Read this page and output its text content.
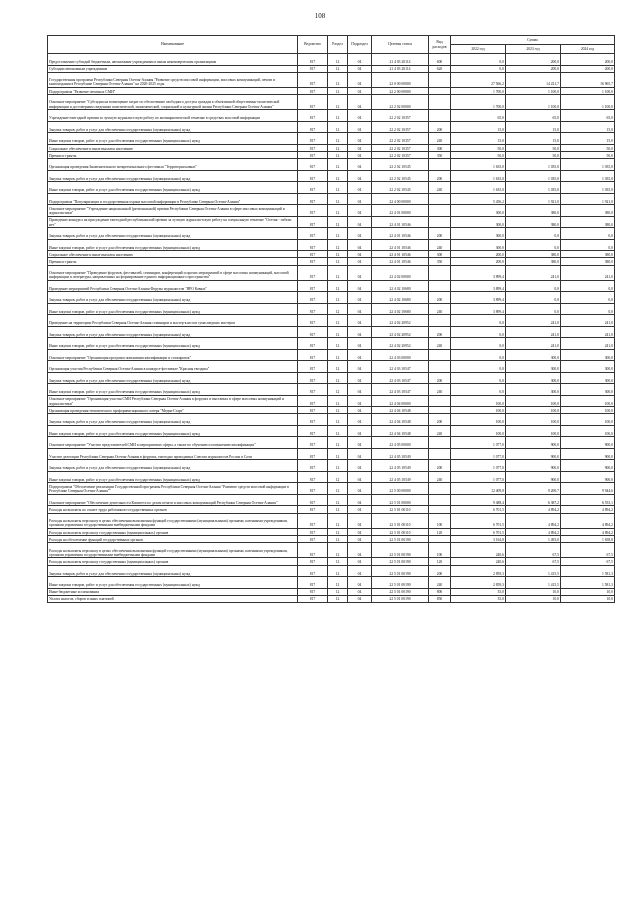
108
Наименование	Ведомство	Раздел	Подраздел	Целевая статья	Вид расходов	Сумма		
						2022 год	2023 год	2024 год
Предоставление субсидий бюджетным, автономным учреждениям и иным некоммерческим организациям	817	12	04	21 4 03 20114	600	0,0	200,0	200,0
Субсидии автономным учреждениям	817	12	04	21 4 03 20114	620	0,0	200,0	200,0
Государственная программа Республики Северная Осетия-Алания "Развитие средств массовой информации, массовых коммуникаций, печати и книгоиздания в Республике Северная Осетия-Алания" на 2020-2025 годы	817	12	04	22 0 00 00000		27 566,2	14 221,7	16 965,7
Подпрограмма "Развитие печатных СМИ"	817	12	04	22 2 00 00000		1 700,0	1 100,0	1 100,0
Основное мероприятие "Субсидии на возмещение затрат по обеспечению свободного доступа граждан к объективной общественно-политической информации и достоверным сведениям политической, экономической, социальной и культурной жизни Республики Северная Осетия-Алания"	817	12	04	22 2 02 00000		1 700,0	1 100,0	1 100,0
Учреждение ежегодной премии за лучшую журналистскую работу по антинаркотической тематике в средствах массовой информации	817	12	04	22 2 02 10357		65,0	65,0	65,0
Закупка товаров, работ и услуг для обеспечения государственных (муниципальных) нужд	817	12	04	22 2 02 10357	200	15,0	15,0	15,0
Иные закупки товаров, работ и услуг для обеспечения государственных (муниципальных) нужд	817	12	04	22 2 02 10357	240	15,0	15,0	15,0
Социальное обеспечение и иные выплаты населению	817	12	04	22 2 02 10357	300	50,0	50,0	50,0
Премии и гранты	817	12	04	22 2 02 10357	350	50,0	50,0	50,0
Организация проведения Знаменательного межрегионального фестиваля "Территория кавказ"	817	12	04	22 2 02 10545		1 635,0	1 035,0	1 035,0
Закупка товаров, работ и услуг для обеспечения государственных (муниципальных) нужд	817	12	04	22 2 02 10545	200	1 635,0	1 035,0	1 035,0
Иные закупки товаров, работ и услуг для обеспечения государственных (муниципальных) нужд	817	12	04	22 2 02 10545	240	1 635,0	1 035,0	1 035,0
Подпрограмма "Популяризация и государственная охрана массовой информации в Республике Северная Осетия-Алания"	817	12	04	22 4 00 00000		5 456,2	1 921,0	1 921,0
Основное мероприятие "Учреждение национальной (региональной) премии Республики Северная Осетия-Алания в сфере массовых коммуникаций и журналистики"	817	12	04	22 4 01 00000		300,0	380,0	380,0
Проведение конкурса на присуждение ежегодной республиканской премии за лучшую журналистскую работу на специальную тематике "Осетия - гибели нет"	817	12	04	22 4 01 10546		300,0	380,0	380,0
Закупка товаров, работ и услуг для обеспечения государственных (муниципальных) нужд	817	12	04	22 4 01 10546	200	300,0	0,0	0,0
Иные закупки товаров, работ и услуг для обеспечения государственных (муниципальных) нужд	817	12	04	22 4 01 10546	240	300,0	0,0	0,0
Социальное обеспечение и иные выплаты населению	817	12	04	22 4 01 10546	300	200,0	380,0	380,0
Премии и гранты	817	12	04	22 4 01 10546	350	200,0	380,0	380,0
Основное мероприятие "Проведение форумов, фестивалей, семинаров, конференций и прочих мероприятий в сфере массовых коммуникаций, массовой информации и литературы, направленных на формирование единого информационного пространства"	817	12	04	22 4 02 00000		3 899,4	241,0	241,0
Проведение мероприятий Республики Северная Осетия-Алания Форума журналистов "ЯРО Кавказ"	817	12	04	22 4 02 10680		3 899,4	0,0	0,0
Закупка товаров, работ и услуг для обеспечения государственных (муниципальных) нужд	817	12	04	22 4 02 10680	200	3 899,4	0,0	0,0
Иные закупки товаров, работ и услуг для обеспечения государственных (муниципальных) нужд	817	12	04	22 4 02 10680	240	3 899,4	0,0	0,0
Проведение на территории Республики Северная Осетия-Алания семинаров и мастер-классов сумасшедших мастеров	817	12	04	22 4 02 20952		0,0	241,0	241,0
Закупка товаров, работ и услуг для обеспечения государственных (муниципальных) нужд	817	12	04	22 4 02 20952	200	0,0	241,0	241,0
Иные закупки товаров, работ и услуг для обеспечения государственных (муниципальных) нужд	817	12	04	22 4 02 20952	240	0,0	241,0	241,0
Основное мероприятие "Организация программ повышения квалификации и стажировок"	817	12	04	22 4 03 00000		0,0	300,0	300,0
Организация участия Республики Северная Осетия-Алания в конкурсе-фестивале "Красная гвоздика"	817	12	04	22 4 03 10547		0,0	300,0	300,0
Закупка товаров, работ и услуг для обеспечения государственных (муниципальных) нужд	817	12	04	22 4 03 10547	200	0,0	300,0	300,0
Иные закупки товаров, работ и услуг для обеспечения государственных (муниципальных) нужд	817	12	04	22 4 03 10547	240	0,0	300,0	300,0
Основное мероприятие "Организация участия СМИ Республики Северная Осетия-Алания в форумах и выставках в сфере массовых коммуникаций и журналистики"	817	12	04	22 4 04 00000		100,0	100,0	100,0
Организация проведения тематического профориентационного лагеря "Медиа-Старт"	817	12	04	22 4 04 10548		100,0	100,0	100,0
Закупка товаров, работ и услуг для обеспечения государственных (муниципальных) нужд	817	12	04	22 4 04 10548	200	100,0	100,0	100,0
Иные закупки товаров, работ и услуг для обеспечения государственных (муниципальных) нужд	817	12	04	22 4 04 10548	240	100,0	100,0	100,0
Основное мероприятие "Участие представителей СМИ в мероприятиях сферы, а также по обучению и повышению квалификации"	817	12	04	22 4 05 00000		1 077,0	900,0	900,0
Участие делегации Республики Северная Осетия-Алания в форумах, ежегодно проводимых Союзом журналистов России в Сочи	817	12	04	22 4 05 10549		1 077,0	900,0	900,0
Закупка товаров, работ и услуг для обеспечения государственных (муниципальных) нужд	817	12	04	22 4 05 10549	200	1 077,0	900,0	900,0
Иные закупки товаров, работ и услуг для обеспечения государственных (муниципальных) нужд	817	12	04	22 4 05 10549	240	1 077,0	900,0	900,0
Подпрограмма "Обеспечение реализации Государственной программы Республики Северная Осетия-Алания "Развитие средств массовой информации в Республике Северная Осетия-Алания""	817	12	04	22 5 00 00000		12 409,8	9 200,7	9 944,6
Основное мероприятие "Обеспечение деятельности Комитета по делам печати и массовых коммуникаций Республики Северная Осетия-Алания"	817	12	04	22 5 01 00000		9 488,4	6 387,2	6 553,1
Расходы на выплаты по оплате труда работников государственных органов	817	12	04	22 5 01 00110		6 701,5	4 894,2	4 894,2
Расходы на выплаты персоналу в целях обеспечения выполнения функций государственными (муниципальными) органами, казенными учреждениями, органами управления государственными внебюджетными фондами	817	12	04	22 5 01 00110	100	6 701,5	4 894,2	4 894,2
Расходы на выплаты персоналу государственных (муниципальных) органов	817	12	04	22 5 01 00110	120	6 701,5	4 894,2	4 894,2
Расходы на обеспечение функций государственных органов	817	12	04	22 5 01 00190		3 164,8	1 493,0	1 658,8
Расходы на выплаты персоналу в целях обеспечения выполнения функций государственными (муниципальными) органами, казенными учреждениями, органами управления государственными внебюджетными фондами	817	12	04	22 5 01 00190	100	240,6	67,5	67,5
Расходы на выплаты персоналу государственных (муниципальных) органов	817	12	04	22 5 01 00190	120	240,6	67,5	67,5
Закупка товаров, работ и услуг для обеспечения государственных (муниципальных) нужд	817	12	04	22 5 01 00190	200	2 859,3	1 415,5	1 581,3
Иные закупки товаров, работ и услуг для обеспечения государственных (муниципальных) нужд	817	12	04	22 5 01 00190	240	2 859,3	1 415,5	1 581,3
Иные бюджетные ассигнования	817	12	04	22 5 01 00190	800	35,0	10,0	10,0
Уплата налогов, сборов и иных платежей	817	12	04	22 5 01 00190	850	35,0	10,0	10,0
